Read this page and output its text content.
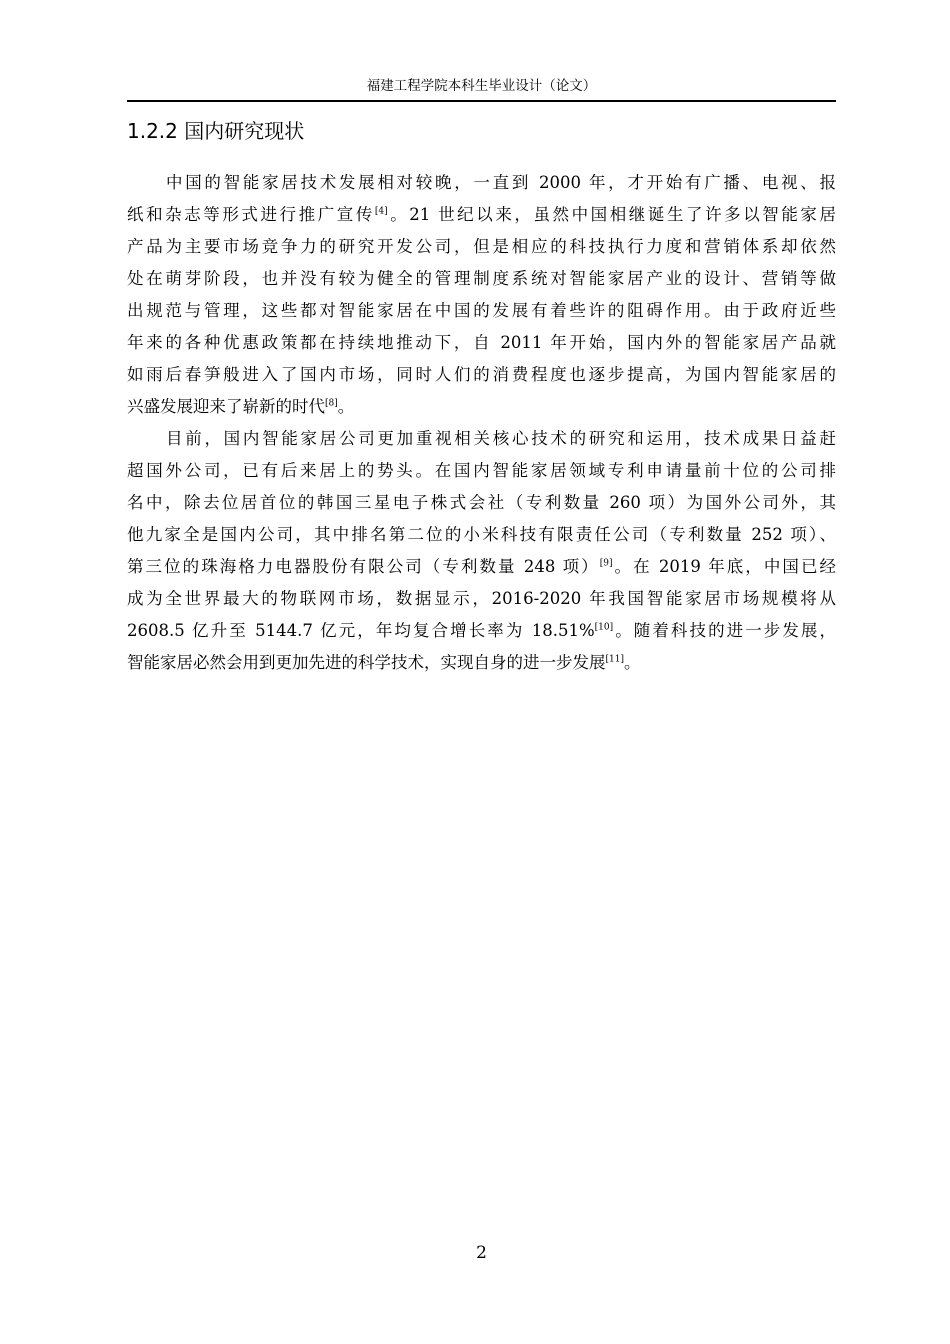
福建工程学院本科生毕业设计（论文）
1.2.2 国内研究现状
中国的智能家居技术发展相对较晚，一直到 2000 年，才开始有广播、电视、报
纸和杂志等形式进行推广宣传[4]。21 世纪以来，虽然中国相继诞生了许多以智能家居
产品为主要市场竞争力的研究开发公司，但是相应的科技执行力度和营销体系却依然
处在萌芽阶段，也并没有较为健全的管理制度系统对智能家居产业的设计、营销等做
出规范与管理，这些都对智能家居在中国的发展有着些许的阻碍作用。由于政府近些
年来的各种优惠政策都在持续地推动下，自 2011 年开始，国内外的智能家居产品就
如雨后春笋般进入了国内市场，同时人们的消费程度也逐步提高，为国内智能家居的
兴盛发展迎来了崭新的时代[8]。
目前，国内智能家居公司更加重视相关核心技术的研究和运用，技术成果日益赶
超国外公司，已有后来居上的势头。在国内智能家居领域专利申请量前十位的公司排
名中，除去位居首位的韩国三星电子株式会社（专利数量 260 项）为国外公司外，其
他九家全是国内公司，其中排名第二位的小米科技有限责任公司（专利数量 252 项）、
第三位的珠海格力电器股份有限公司（专利数量 248 项）[9]。在 2019 年底，中国已经
成为全世界最大的物联网市场，数据显示，2016-2020 年我国智能家居市场规模将从
2608.5 亿升至 5144.7 亿元，年均复合增长率为 18.51%[10]。随着科技的进一步发展，
智能家居必然会用到更加先进的科学技术，实现自身的进一步发展[11]。
2
